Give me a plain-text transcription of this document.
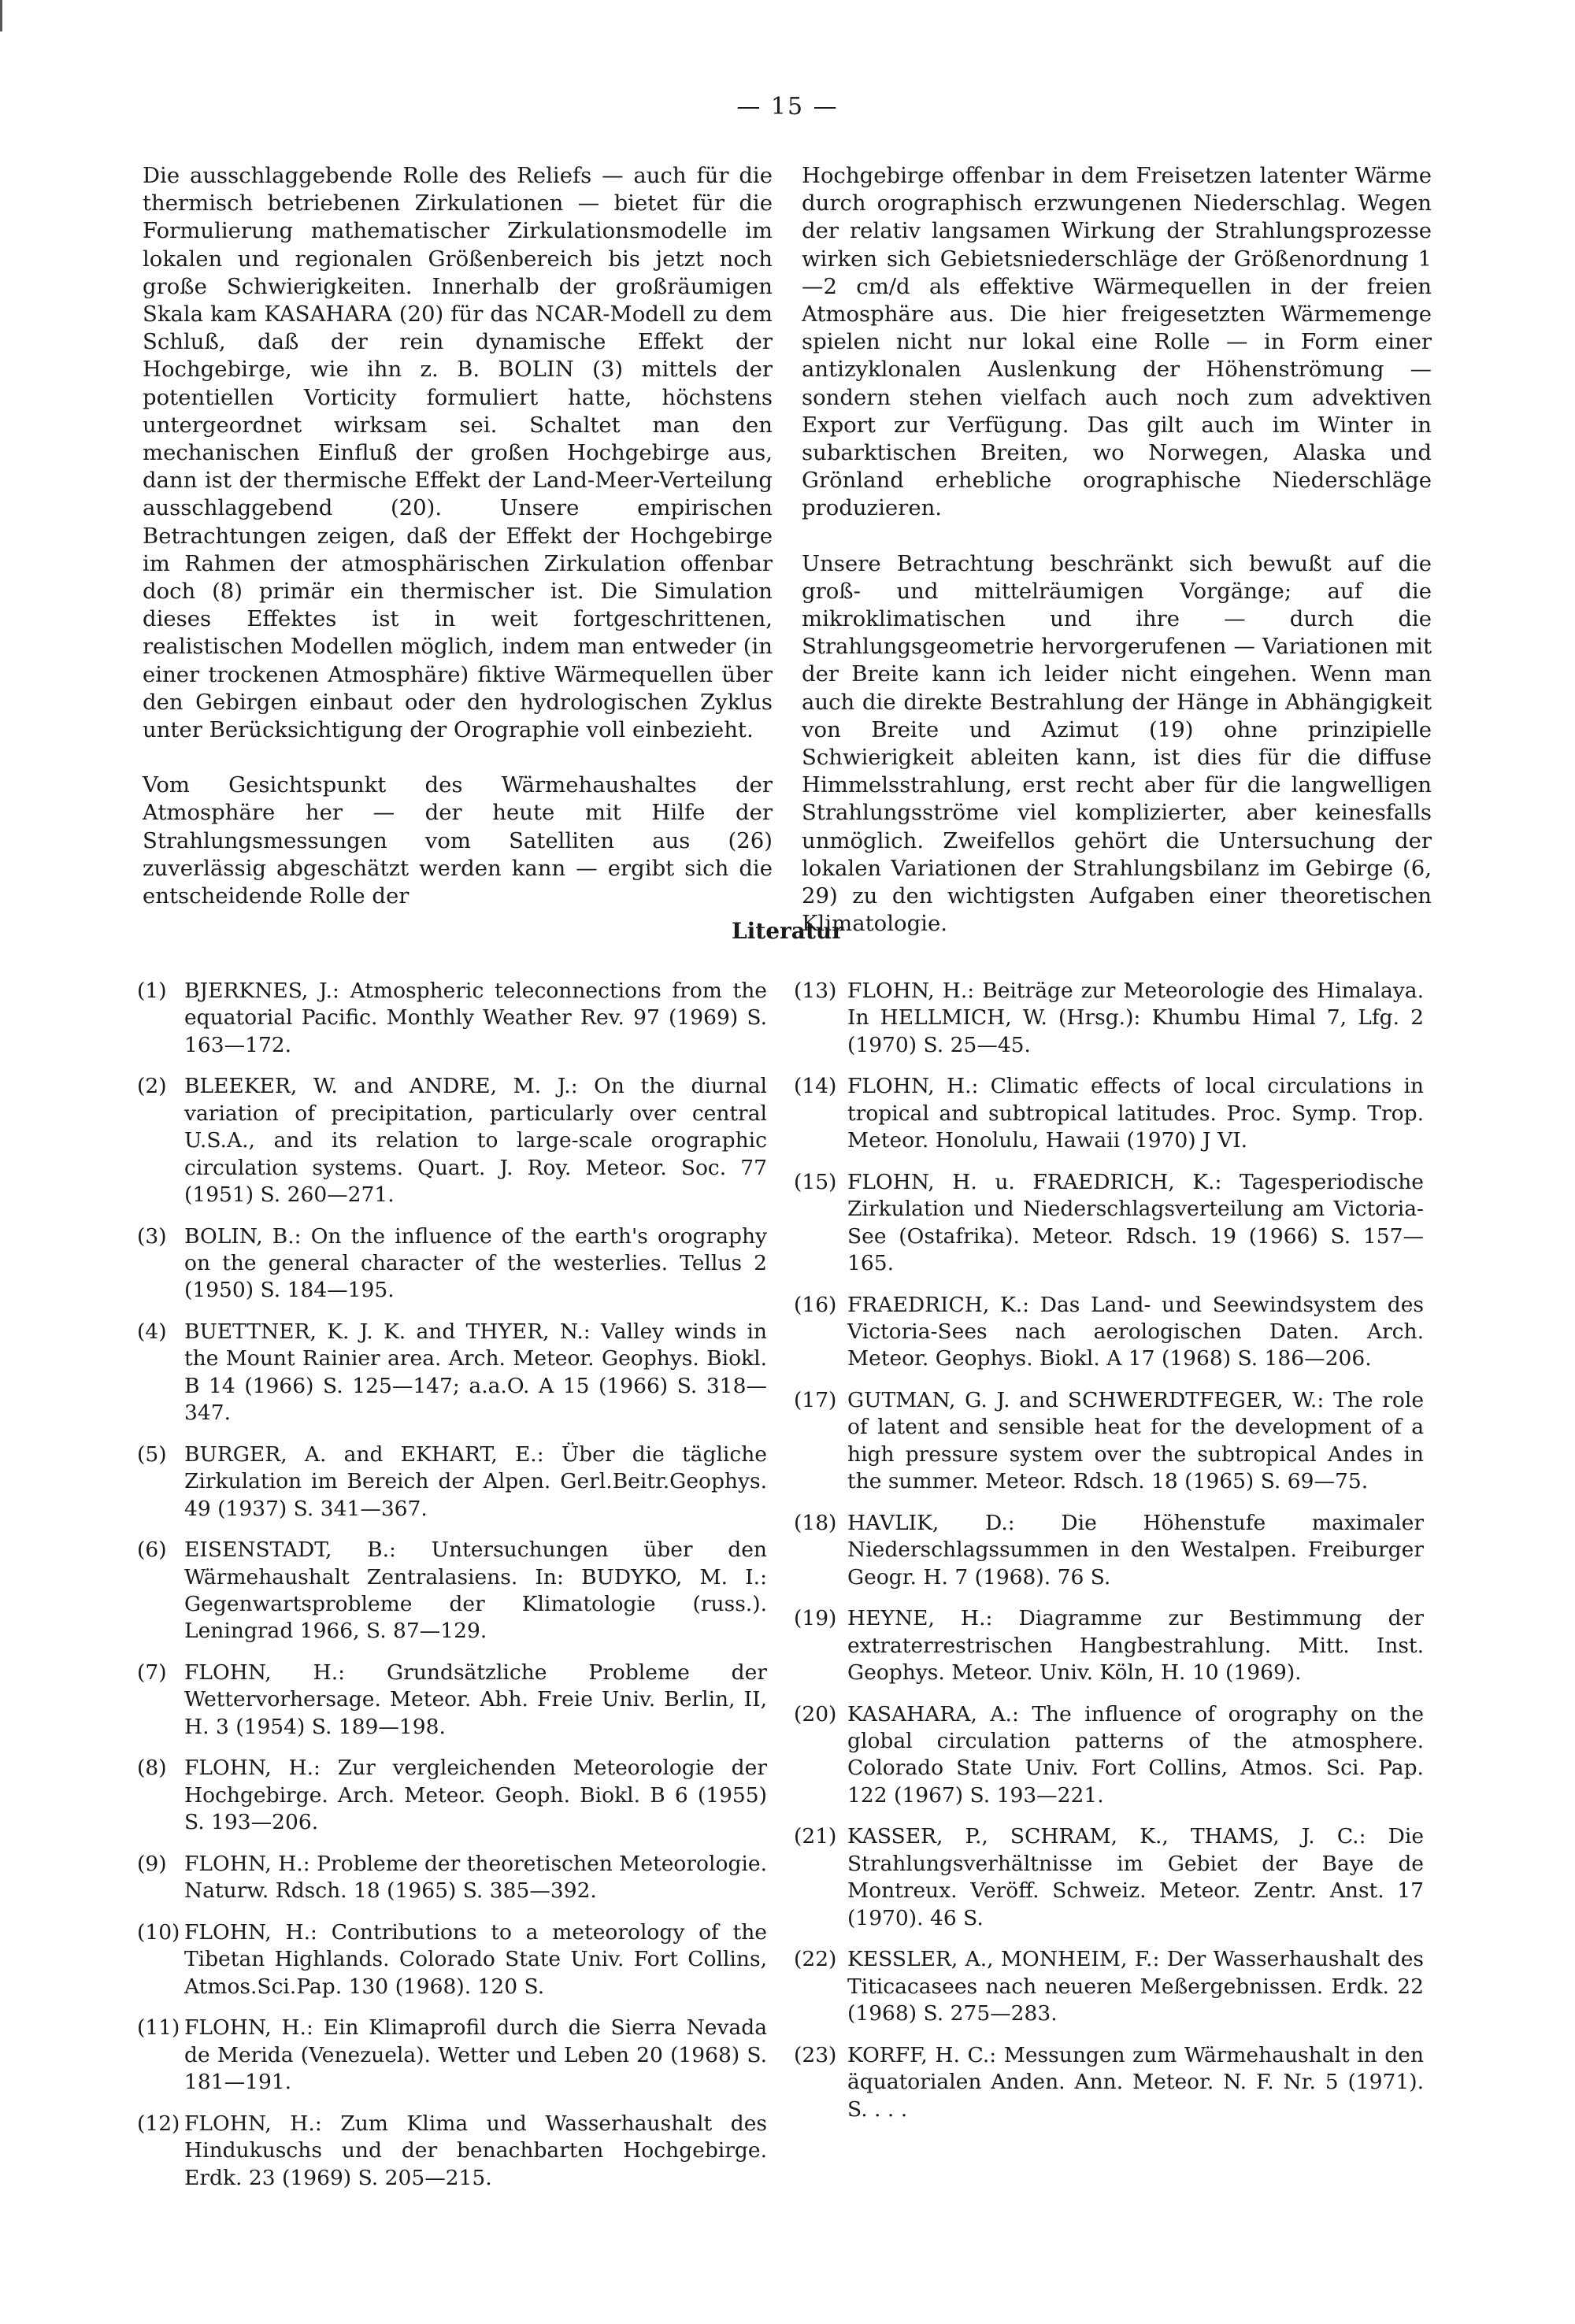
— 15 —

Die ausschlaggebende Rolle des Reliefs — auch für die thermisch betriebenen Zirkulationen — bietet für die Formulierung mathematischer Zirkulationsmodelle im lokalen und regionalen Größenbereich bis jetzt noch große Schwierigkeiten. Innerhalb der großräumigen Skala kam KASAHARA (20) für das NCAR-Modell zu dem Schluß, daß der rein dynamische Effekt der Hochgebirge, wie ihn z. B. BOLIN (3) mittels der potentiellen Vorticity formuliert hatte, höchstens untergeordnet wirksam sei. Schaltet man den mechanischen Einfluß der großen Hochgebirge aus, dann ist der thermische Effekt der Land-Meer-Verteilung ausschlaggebend (20). Unsere empirischen Betrachtungen zeigen, daß der Effekt der Hochgebirge im Rahmen der atmosphärischen Zirkulation offenbar doch (8) primär ein thermischer ist. Die Simulation dieses Effektes ist in weit fortgeschrittenen, realistischen Modellen möglich, indem man entweder (in einer trockenen Atmosphäre) fiktive Wärmequellen über den Gebirgen einbaut oder den hydrologischen Zyklus unter Berücksichtigung der Orographie voll einbezieht.

Vom Gesichtspunkt des Wärmehaushaltes der Atmosphäre her — der heute mit Hilfe der Strahlungsmessungen vom Satelliten aus (26) zuverlässig abgeschätzt werden kann — ergibt sich die entscheidende Rolle der

Hochgebirge offenbar in dem Freisetzen latenter Wärme durch orographisch erzwungenen Niederschlag. Wegen der relativ langsamen Wirkung der Strahlungsprozesse wirken sich Gebietsniederschläge der Größenordnung 1—2 cm/d als effektive Wärmequellen in der freien Atmosphäre aus. Die hier freigesetzten Wärmemenge spielen nicht nur lokal eine Rolle — in Form einer antizyklonalen Auslenkung der Höhenströmung — sondern stehen vielfach auch noch zum advektiven Export zur Verfügung. Das gilt auch im Winter in subarktischen Breiten, wo Norwegen, Alaska und Grönland erhebliche orographische Niederschläge produzieren.

Unsere Betrachtung beschränkt sich bewußt auf die groß- und mittelräumigen Vorgänge; auf die mikroklimatischen und ihre — durch die Strahlungsgeometrie hervorgerufenen — Variationen mit der Breite kann ich leider nicht eingehen. Wenn man auch die direkte Bestrahlung der Hänge in Abhängigkeit von Breite und Azimut (19) ohne prinzipielle Schwierigkeit ableiten kann, ist dies für die diffuse Himmelsstrahlung, erst recht aber für die langwelligen Strahlungsströme viel komplizierter, aber keinesfalls unmöglich. Zweifellos gehört die Untersuchung der lokalen Variationen der Strahlungsbilanz im Gebirge (6, 29) zu den wichtigsten Aufgaben einer theoretischen Klimatologie.

Literatur
(1) BJERKNES, J.: Atmospheric teleconnections from the equatorial Pacific. Monthly Weather Rev. 97 (1969) S. 163—172.
(2) BLEEKER, W. and ANDRE, M. J.: On the diurnal variation of precipitation, particularly over central U.S.A., and its relation to large-scale orographic circulation systems. Quart. J. Roy. Meteor. Soc. 77 (1951) S. 260—271.
(3) BOLIN, B.: On the influence of the earth's orography on the general character of the westerlies. Tellus 2 (1950) S. 184—195.
(4) BUETTNER, K. J. K. and THYER, N.: Valley winds in the Mount Rainier area. Arch. Meteor. Geophys. Biokl. B 14 (1966) S. 125—147; a.a.O. A 15 (1966) S. 318—347.
(5) BURGER, A. and EKHART, E.: Über die tägliche Zirkulation im Bereich der Alpen. Gerl.Beitr.Geophys. 49 (1937) S. 341—367.
(6) EISENSTADT, B.: Untersuchungen über den Wärmehaushalt Zentralasiens. In: BUDYKO, M. I.: Gegenwartsprobleme der Klimatologie (russ.). Leningrad 1966, S. 87—129.
(7) FLOHN, H.: Grundsätzliche Probleme der Wettervorhersage. Meteor. Abh. Freie Univ. Berlin, II, H. 3 (1954) S. 189—198.
(8) FLOHN, H.: Zur vergleichenden Meteorologie der Hochgebirge. Arch. Meteor. Geoph. Biokl. B 6 (1955) S. 193—206.
(9) FLOHN, H.: Probleme der theoretischen Meteorologie. Naturw. Rdsch. 18 (1965) S. 385—392.
(10) FLOHN, H.: Contributions to a meteorology of the Tibetan Highlands. Colorado State Univ. Fort Collins, Atmos.Sci.Pap. 130 (1968). 120 S.
(11) FLOHN, H.: Ein Klimaprofil durch die Sierra Nevada de Merida (Venezuela). Wetter und Leben 20 (1968) S. 181—191.
(12) FLOHN, H.: Zum Klima und Wasserhaushalt des Hindukuschs und der benachbarten Hochgebirge. Erdk. 23 (1969) S. 205—215.
(13) FLOHN, H.: Beiträge zur Meteorologie des Himalaya. In HELLMICH, W. (Hrsg.): Khumbu Himal 7, Lfg. 2 (1970) S. 25—45.
(14) FLOHN, H.: Climatic effects of local circulations in tropical and subtropical latitudes. Proc. Symp. Trop. Meteor. Honolulu, Hawaii (1970) J VI.
(15) FLOHN, H. u. FRAEDRICH, K.: Tagesperiodische Zirkulation und Niederschlagsverteilung am Victoria-See (Ostafrika). Meteor. Rdsch. 19 (1966) S. 157—165.
(16) FRAEDRICH, K.: Das Land- und Seewindsystem des Victoria-Sees nach aerologischen Daten. Arch. Meteor. Geophys. Biokl. A 17 (1968) S. 186—206.
(17) GUTMAN, G. J. and SCHWERDTFEGER, W.: The role of latent and sensible heat for the development of a high pressure system over the subtropical Andes in the summer. Meteor. Rdsch. 18 (1965) S. 69—75.
(18) HAVLIK, D.: Die Höhenstufe maximaler Niederschlagssummen in den Westalpen. Freiburger Geogr. H. 7 (1968). 76 S.
(19) HEYNE, H.: Diagramme zur Bestimmung der extraterrestrischen Hangbestrahlung. Mitt. Inst. Geophys. Meteor. Univ. Köln, H. 10 (1969).
(20) KASAHARA, A.: The influence of orography on the global circulation patterns of the atmosphere. Colorado State Univ. Fort Collins, Atmos. Sci. Pap. 122 (1967) S. 193—221.
(21) KASSER, P., SCHRAM, K., THAMS, J. C.: Die Strahlungsverhältnisse im Gebiet der Baye de Montreux. Veröff. Schweiz. Meteor. Zentr. Anst. 17 (1970). 46 S.
(22) KESSLER, A., MONHEIM, F.: Der Wasserhaushalt des Titicacasees nach neueren Meßergebnissen. Erdk. 22 (1968) S. 275—283.
(23) KORFF, H. C.: Messungen zum Wärmehaushalt in den äquatorialen Anden. Ann. Meteor. N. F. Nr. 5 (1971). S. . . .
